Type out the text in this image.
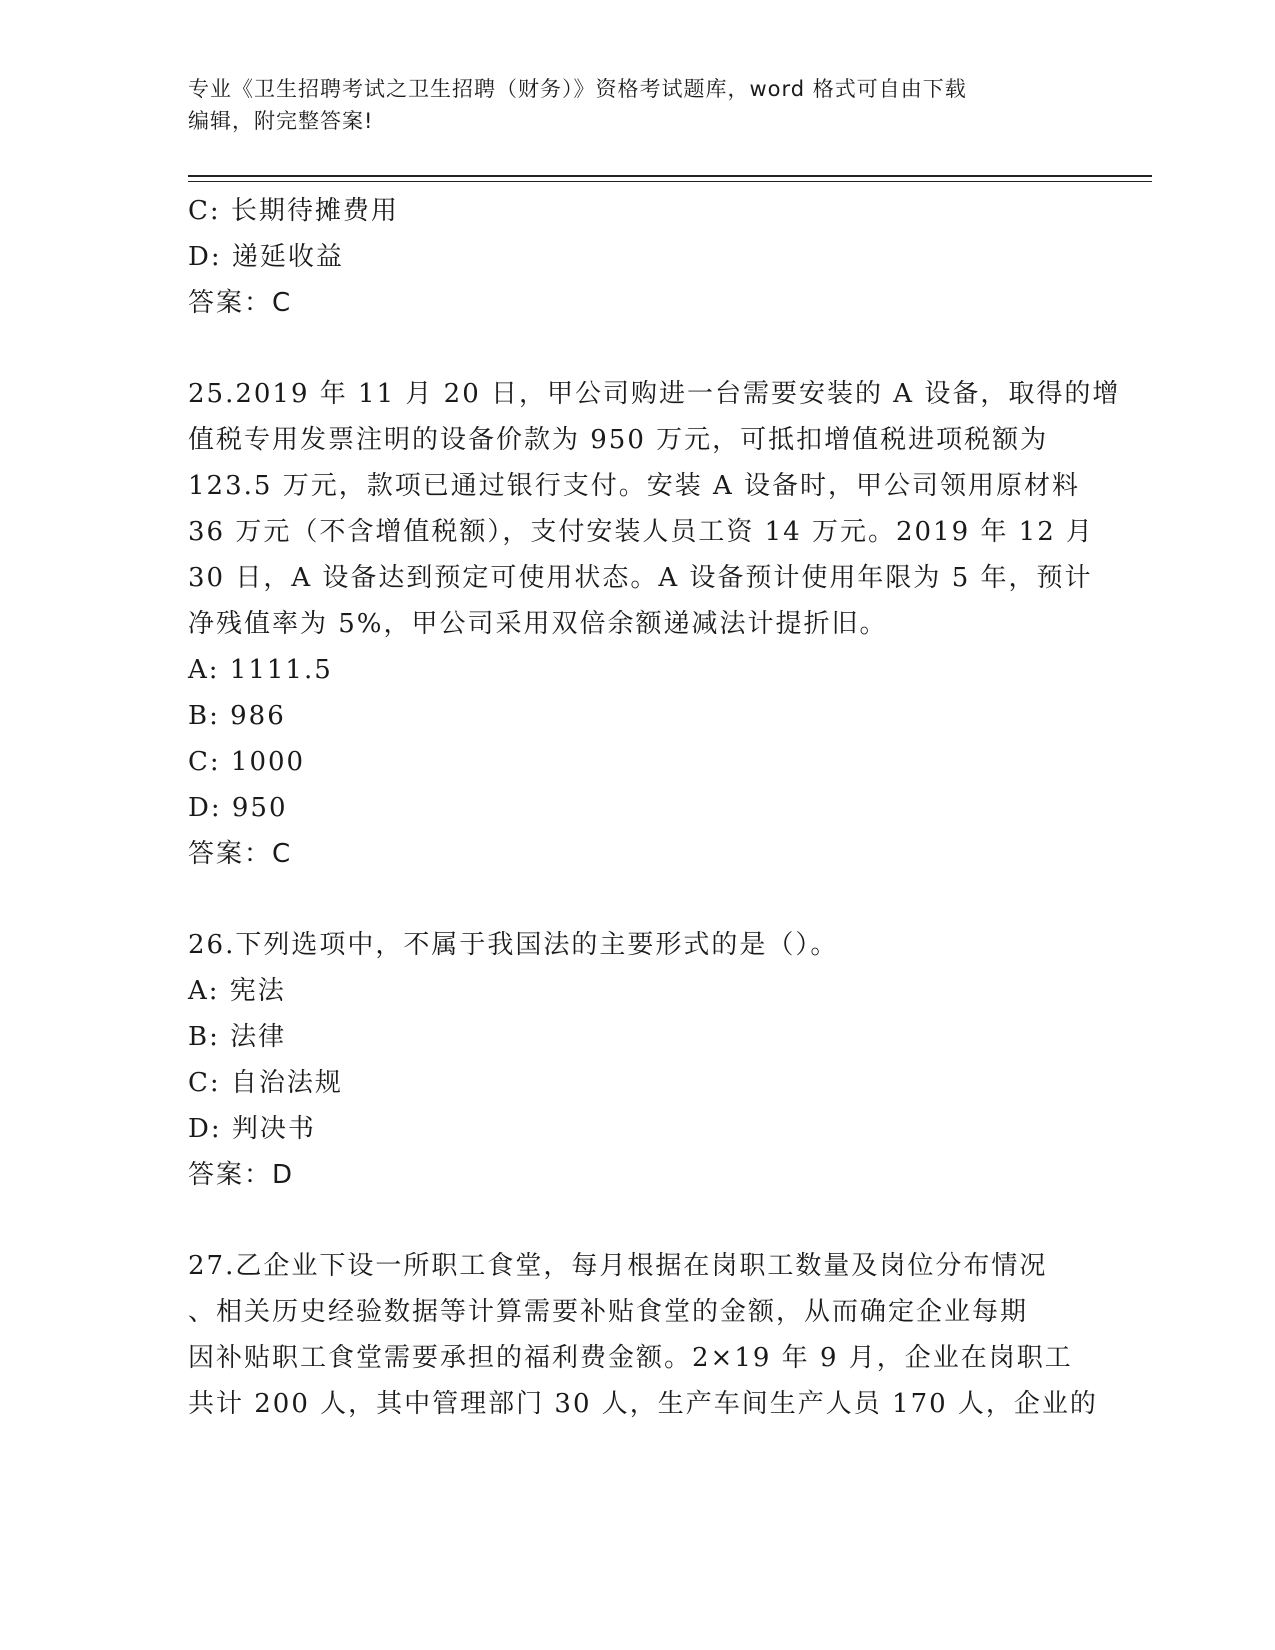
专业《卫生招聘考试之卫生招聘（财务）》资格考试题库，word 格式可自由下载
编辑，附完整答案!
C: 长期待摊费用
D: 递延收益
答案：C
25.2019 年 11 月 20 日，甲公司购进一台需要安装的 A 设备，取得的增
值税专用发票注明的设备价款为 950 万元，可抵扣增值税进项税额为
123.5 万元，款项已通过银行支付。安装 A 设备时，甲公司领用原材料
36 万元（不含增值税额），支付安装人员工资 14 万元。2019 年 12 月
30 日，A 设备达到预定可使用状态。A 设备预计使用年限为 5 年，预计
净残值率为 5%，甲公司采用双倍余额递减法计提折旧。
A: 1111.5
B: 986
C: 1000
D: 950
答案：C
26.下列选项中，不属于我国法的主要形式的是（）。
A: 宪法
B: 法律
C: 自治法规
D: 判决书
答案：D
27.乙企业下设一所职工食堂，每月根据在岗职工数量及岗位分布情况
、相关历史经验数据等计算需要补贴食堂的金额，从而确定企业每期
因补贴职工食堂需要承担的福利费金额。2×19 年 9 月，企业在岗职工
共计 200 人，其中管理部门 30 人，生产车间生产人员 170 人，企业的
